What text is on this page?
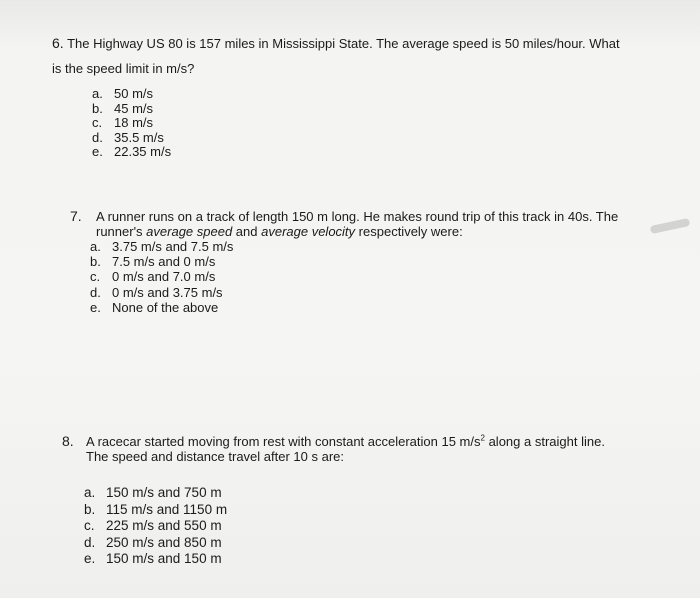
6. The Highway US 80 is 157 miles in Mississippi State. The average speed is 50 miles/hour. What
is the speed limit in m/s?

a. 50 m/s
b. 45 m/s
c. 18 m/s
d. 35.5 m/s
e. 22.35 m/s
7.	A runner runs on a track of length 150 m long. He makes round trip of this track in 40s. The
runner's average speed and average velocity respectively were:
a. 3.75 m/s and 7.5 m/s
b. 7.5 m/s and 0 m/s
c. 0 m/s and 7.0 m/s
d. 0 m/s and 3.75 m/s
e. None of the above
8. A racecar started moving from rest with constant acceleration 15 $m/s^2$ along a straight line.
The speed and distance travel after 10 s are:
a. 150 m/s and 750 m
b. 115 m/s and 1150 m
c. 225 m/s and 550 m
d. 250 m/s and 850 m
e. 150 m/s and 150 m
